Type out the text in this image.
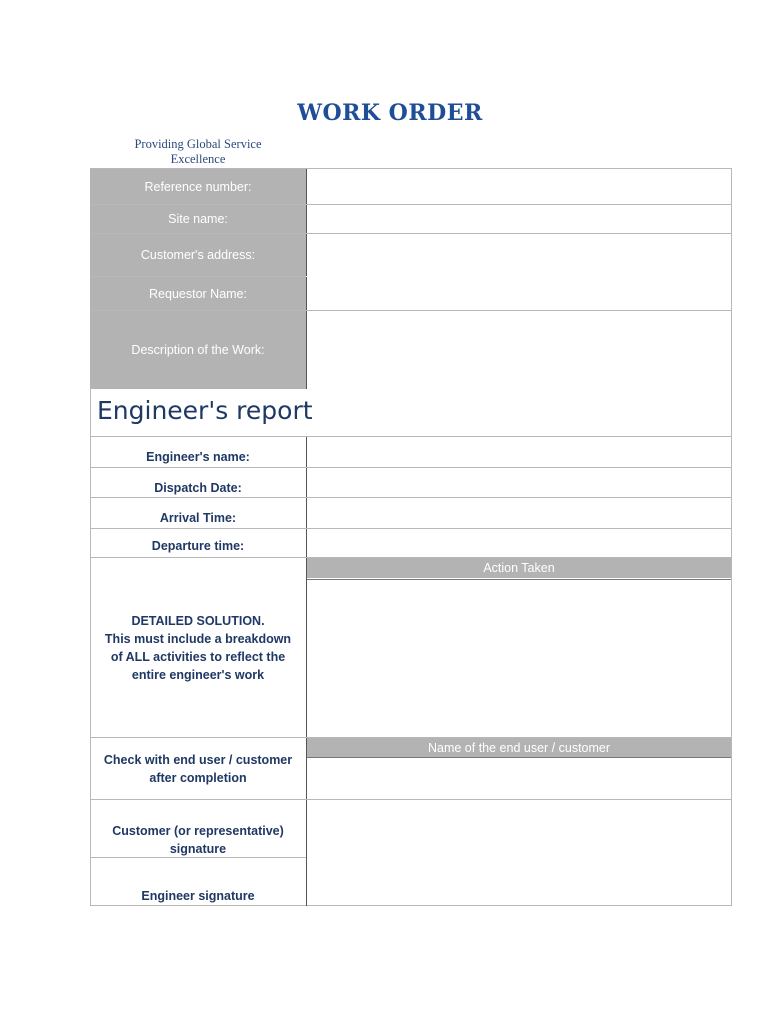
WORK ORDER
Providing Global Service Excellence
Reference number:
Site name:
Customer's address:
Requestor Name:
Description of the Work:
Engineer's report
Engineer's name:
Dispatch Date:
Arrival Time:
Departure time:
Action Taken
DETAILED SOLUTION.
This must include a breakdown of ALL activities to reflect the entire engineer's work
Name of the end user / customer
Check with end user / customer after completion
Customer (or representative) signature
Engineer signature
